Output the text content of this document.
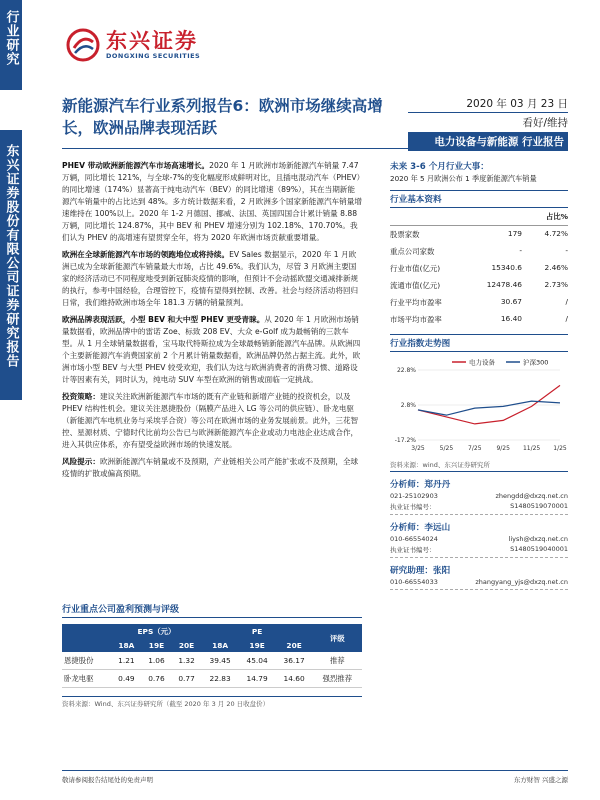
行业研究
东兴证券股份有限公司证券研究报告
东兴证券
DONGXING SECURITIES
新能源汽车行业系列报告6：欧洲市场继续高增长，欧洲品牌表现活跃
2020 年 03 月 23 日
看好/维持
电力设备与新能源 行业报告

PHEV 带动欧洲新能源汽车市场高速增长。2020 年 1 月欧洲市场新能源汽车销量 7.47 万辆，同比增长 121%，与全球-7%的变化幅度形成鲜明对比，且插电混动汽车（PHEV）的同比增速（174%）显著高于纯电动汽车（BEV）的同比增速（89%），其在当期新能源汽车销量中的占比达到 48%。多方统计数据来看，2 月欧洲多个国家新能源汽车销量增速维持在 100%以上。2020 年 1-2 月德国、挪威、法国、英国四国合计累计销量 8.88 万辆，同比增长 124.87%，其中 BEV 和 PHEV 增速分别为 102.18%、170.70%。我们认为 PHEV 的高增速有望贯穿全年，将为 2020 年欧洲市场贡献重要增量。

欧洲在全球新能源汽车市场的领跑地位或将持续。EV Sales 数据显示，2020 年 1 月欧洲已成为全球新能源汽车销量最大市场，占比 49.6%。我们认为，尽管 3 月欧洲主要国家的经济活动已不同程度地受到新冠肺炎疫情的影响，但预计不会动摇欧盟交通减排新规的执行，参考中国经验，合理管控下，疫情有望得到控制、改善。社会与经济活动将回归日常，我们维持欧洲市场全年 181.3 万辆的销量预判。

欧洲品牌表现活跃，小型 BEV 和大中型 PHEV 更受青睐。从 2020 年 1 月欧洲市场销量数据看，欧洲品牌中的雷诺 Zoe、标致 208 EV、大众 e-Golf 成为最畅销的三款车型。从 1 月全球销量数据看，宝马取代特斯拉成为全球最畅销新能源汽车品牌。从欧洲四个主要新能源汽车消费国家前 2 个月累计销量数据看，欧洲品牌仍然占据主流。此外，欧洲市场小型 BEV 与大型 PHEV 较受欢迎，我们认为这与欧洲消费者的消费习惯、道路设计等因素有关，同时认为，纯电动 SUV 车型在欧洲的销售或面临一定挑战。

投资策略：建议关注欧洲新能源汽车市场的既有产业链和新增产业链的投资机会，以及 PHEV 结构性机会。建议关注恩捷股份（隔膜产品进入 LG 等公司的供应链）、卧龙电驱（新能源汽车电机业务与采埃孚合资）等公司在欧洲市场的业务发展前景。此外，三花智控、星源材质、宁德时代比前均公告已与欧洲新能源汽车企业或动力电池企业达成合作，进入其供应体系，亦有望受益欧洲市场的快速发展。

风险提示：欧洲新能源汽车销量或不及预期，产业链相关公司产能扩张或不及预期，全球疫情的扩散或偏高预期。

未来 3-6 个月行业大事：
2020 年 5 月欧洲公布 1 季度新能源汽车销量
行业基本资料
占比%
股票家数	179	4.72%
重点公司家数	-	-
行业市值(亿元)	15340.6	2.46%
流通市值(亿元)	12478.46	2.73%
行业平均市盈率	30.67	/
市场平均市盈率	16.40	/
行业指数走势图
电力设备	沪深300
22.8%
2.8%
-17.2%
3/25 5/25 7/25 9/25 11/25 1/25
资料来源：wind、东兴证券研究所
分析师：郑丹丹
021-25102903	zhengdd@dxzq.net.cn
执业证书编号：	S1480519070001
分析师：李远山
010-66554024	liysh@dxzq.net.cn
执业证书编号：	S1480519040001
研究助理：张阳
010-66554033	zhangyang_yjs@dxzq.net.cn
行业重点公司盈利预测与评级
	EPS（元）			PE			评级
	18A	19E	20E	18A	19E	20E	
恩捷股份	1.21	1.06	1.32	39.45	45.04	36.17	推荐
卧龙电驱	0.49	0.76	0.77	22.83	14.79	14.60	强烈推荐
资料来源：Wind、东兴证券研究所（截至 2020 年 3 月 20 日收盘价）
敬请参阅报告结尾处的免责声明	东方财智 兴盛之源
